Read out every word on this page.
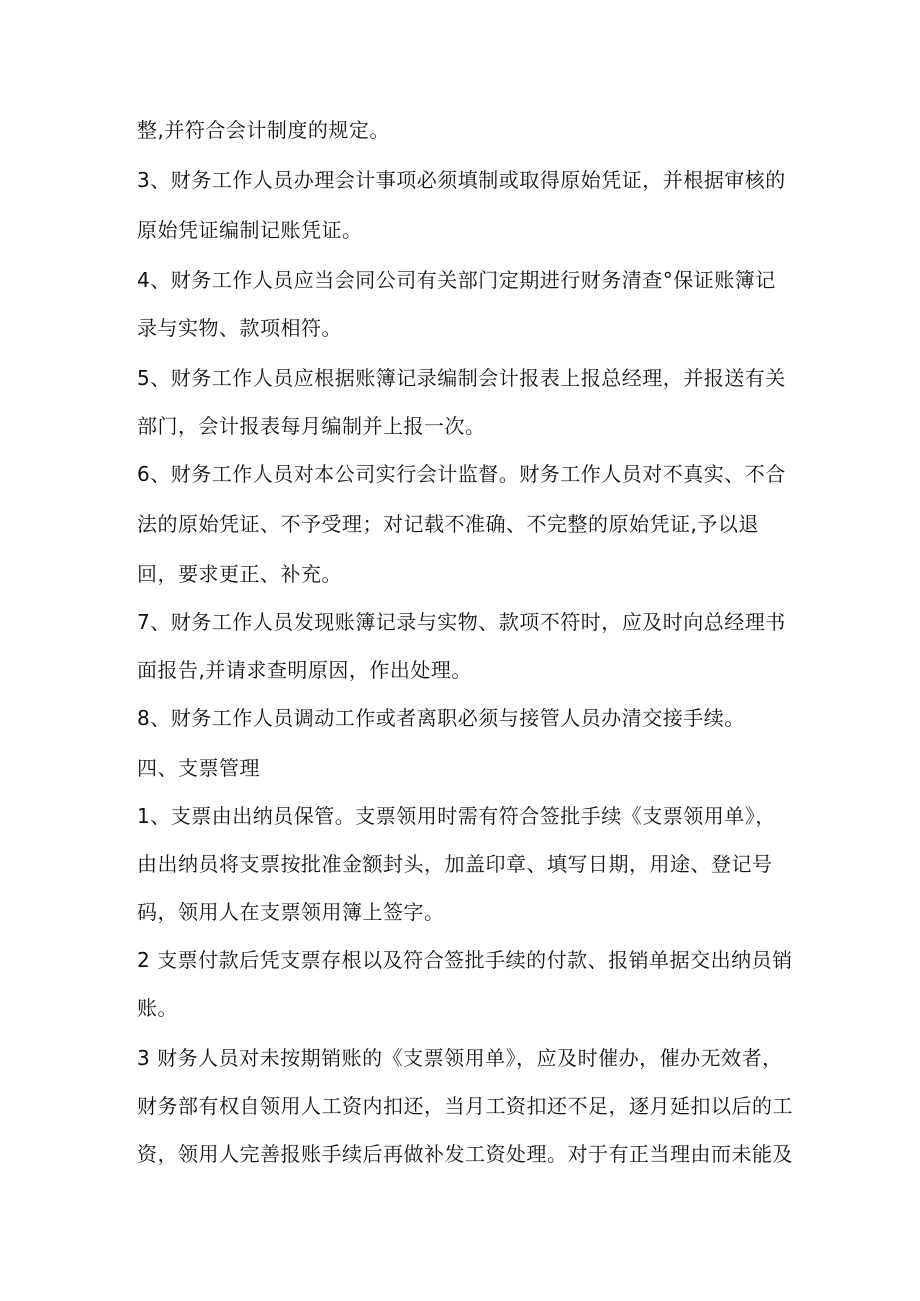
整,并符合会计制度的规定。

3、财务工作人员办理会计事项必须填制或取得原始凭证，并根据审核的

原始凭证编制记账凭证。

4、财务工作人员应当会同公司有关部门定期进行财务清查°保证账簿记

录与实物、款项相符。

5、财务工作人员应根据账簿记录编制会计报表上报总经理，并报送有关

部门，会计报表每月编制并上报一次。

6、财务工作人员对本公司实行会计监督。财务工作人员对不真实、不合

法的原始凭证、不予受理；对记载不准确、不完整的原始凭证,予以退

回，要求更正、补充。

7、财务工作人员发现账簿记录与实物、款项不符时，应及时向总经理书

面报告,并请求查明原因，作出处理。

8、财务工作人员调动工作或者离职必须与接管人员办清交接手续。

四、支票管理

1、支票由出纳员保管。支票领用时需有符合签批手续《支票领用单》，

由出纳员将支票按批准金额封头，加盖印章、填写日期，用途、登记号

码，领用人在支票领用簿上签字。

2 支票付款后凭支票存根以及符合签批手续的付款、报销单据交出纳员销

账。

3 财务人员对未按期销账的《支票领用单》，应及时催办，催办无效者，

财务部有权自领用人工资内扣还，当月工资扣还不足，逐月延扣以后的工

资，领用人完善报账手续后再做补发工资处理。对于有正当理由而未能及
